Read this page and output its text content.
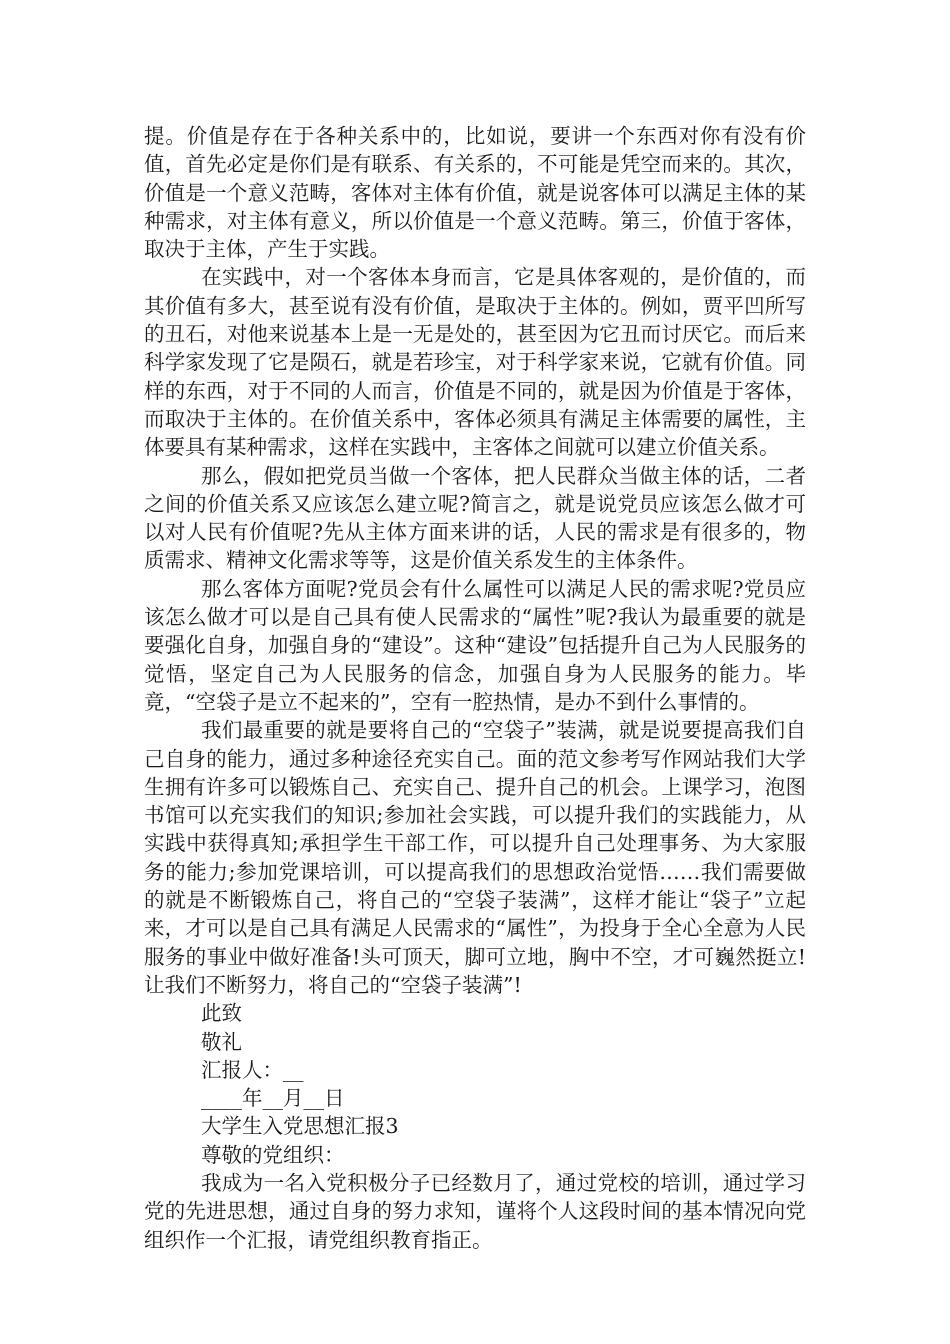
提。价值是存在于各种关系中的，比如说，要讲一个东西对你有没有价值，首先必定是你们是有联系、有关系的，不可能是凭空而来的。其次，价值是一个意义范畴，客体对主体有价值，就是说客体可以满足主体的某种需求，对主体有意义，所以价值是一个意义范畴。第三，价值于客体，取决于主体，产生于实践。

在实践中，对一个客体本身而言，它是具体客观的，是价值的，而其价值有多大，甚至说有没有价值，是取决于主体的。例如，贾平凹所写的丑石，对他来说基本上是一无是处的，甚至因为它丑而讨厌它。而后来科学家发现了它是陨石，就是若珍宝，对于科学家来说，它就有价值。同样的东西，对于不同的人而言，价值是不同的，就是因为价值是于客体，而取决于主体的。在价值关系中，客体必须具有满足主体需要的属性，主体要具有某种需求，这样在实践中，主客体之间就可以建立价值关系。

那么，假如把党员当做一个客体，把人民群众当做主体的话，二者之间的价值关系又应该怎么建立呢?简言之，就是说党员应该怎么做才可以对人民有价值呢?先从主体方面来讲的话，人民的需求是有很多的，物质需求、精神文化需求等等，这是价值关系发生的主体条件。

那么客体方面呢?党员会有什么属性可以满足人民的需求呢?党员应该怎么做才可以是自己具有使人民需求的“属性”呢?我认为最重要的就是要强化自身，加强自身的“建设”。这种“建设”包括提升自己为人民服务的觉悟，坚定自己为人民服务的信念，加强自身为人民服务的能力。毕竟，“空袋子是立不起来的”，空有一腔热情，是办不到什么事情的。

我们最重要的就是要将自己的“空袋子”装满，就是说要提高我们自己自身的能力，通过多种途径充实自己。面的范文参考写作网站我们大学生拥有许多可以锻炼自己、充实自己、提升自己的机会。上课学习，泡图书馆可以充实我们的知识;参加社会实践，可以提升我们的实践能力，从实践中获得真知;承担学生干部工作，可以提升自己处理事务、为大家服务的能力;参加党课培训，可以提高我们的思想政治觉悟……我们需要做的就是不断锻炼自己，将自己的“空袋子装满”，这样才能让“袋子”立起来，才可以是自己具有满足人民需求的“属性”，为投身于全心全意为人民服务的事业中做好准备!头可顶天，脚可立地，胸中不空，才可巍然挺立!让我们不断努力，将自己的“空袋子装满”!

此致

敬礼

汇报人：__

____年__月__日

大学生入党思想汇报3

尊敬的党组织：

我成为一名入党积极分子已经数月了，通过党校的培训，通过学习党的先进思想，通过自身的努力求知，谨将个人这段时间的基本情况向党组织作一个汇报，请党组织教育指正。
